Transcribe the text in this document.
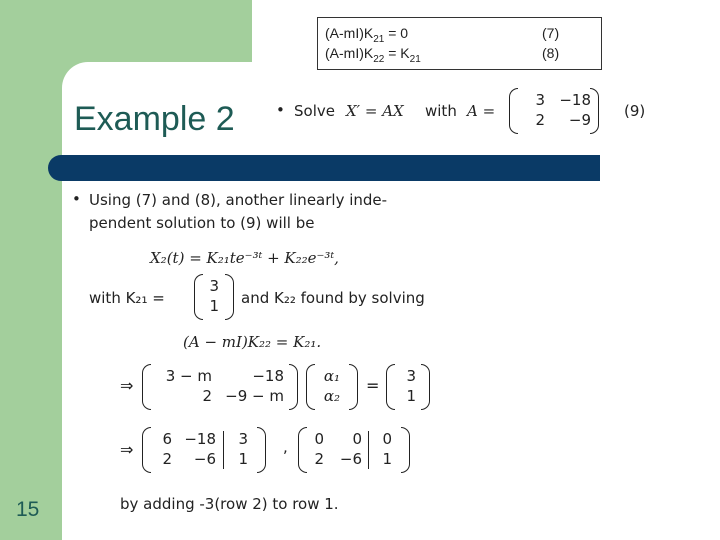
Example 2
15
$(A-mI)K_{21} = 0$	(7)
$(A-mI)K_{22} = K_{21}$	(8)
• Solve X′ = AX with A =
3 −18
2	−9 (9)
• Using (7) and (8), another linearly inde-
pendent solution to (9) will be
X₂(t) = K₂₁te⁻³ᵗ + K₂₂e⁻³ᵗ,
with K₂₁ =
3
1 and K₂₂ found by solving
(A − mI)K₂₂ = K₂₁.
⇒	3 − m	−18
2 −9 − m
α₁
α₂
=	3
1
⇒
6 −18	3
2	−6	1
,	0	0	0
2	−6	1
by adding -3(row 2) to row 1.
